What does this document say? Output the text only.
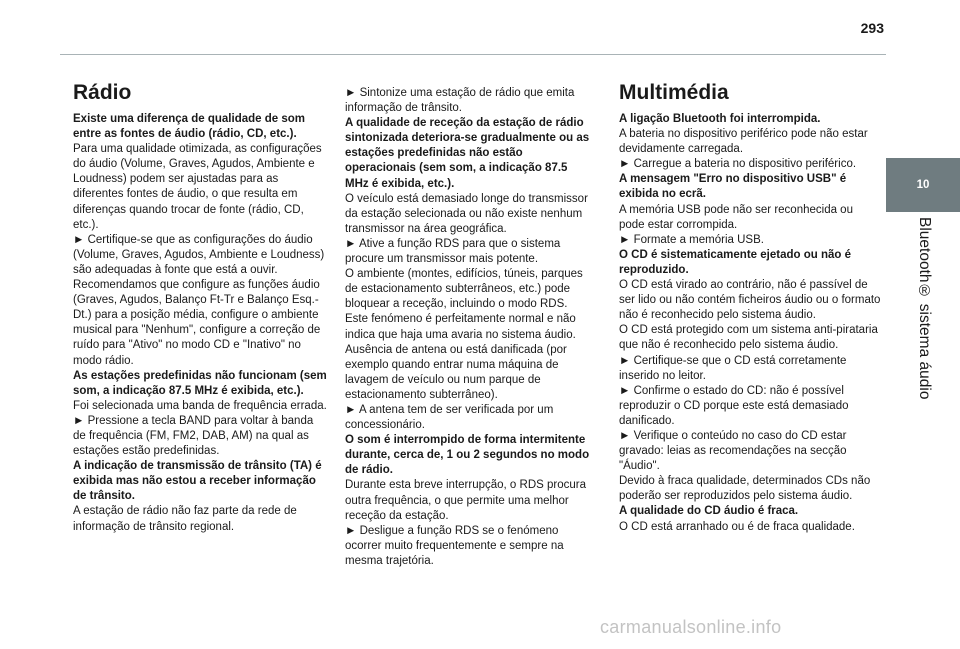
293
Rádio

Existe uma diferença de qualidade de som entre as fontes de áudio (rádio, CD, etc.).

Para uma qualidade otimizada, as configurações do áudio (Volume, Graves, Agudos, Ambiente e Loudness) podem ser ajustadas para as diferentes fontes de áudio, o que resulta em diferenças quando trocar de fonte (rádio, CD, etc.).

► Certifique-se que as configurações do áudio (Volume, Graves, Agudos, Ambiente e Loudness) são adequadas à fonte que está a ouvir. Recomendamos que configure as funções áudio (Graves, Agudos, Balanço Ft-Tr e Balanço Esq.-Dt.) para a posição média, configure o ambiente musical para "Nenhum", configure a correção de ruído para "Ativo" no modo CD e "Inativo" no modo rádio.

As estações predefinidas não funcionam (sem som, a indicação 87.5 MHz é exibida, etc.).

Foi selecionada uma banda de frequência errada.

► Pressione a tecla BAND para voltar à banda de frequência (FM, FM2, DAB, AM) na qual as estações estão predefinidas.

A indicação de transmissão de trânsito (TA) é exibida mas não estou a receber informação de trânsito.

A estação de rádio não faz parte da rede de informação de trânsito regional.

► Sintonize uma estação de rádio que emita informação de trânsito.

A qualidade de receção da estação de rádio sintonizada deteriora-se gradualmente ou as estações predefinidas não estão operacionais (sem som, a indicação 87.5 MHz é exibida, etc.).

O veículo está demasiado longe do transmissor da estação selecionada ou não existe nenhum transmissor na área geográfica.

► Ative a função RDS para que o sistema procure um transmissor mais potente.

O ambiente (montes, edifícios, túneis, parques de estacionamento subterrâneos, etc.) pode bloquear a receção, incluindo o modo RDS. Este fenómeno é perfeitamente normal e não indica que haja uma avaria no sistema áudio.

Ausência de antena ou está danificada (por exemplo quando entrar numa máquina de lavagem de veículo ou num parque de estacionamento subterrâneo).

► A antena tem de ser verificada por um concessionário.

O som é interrompido de forma intermitente durante, cerca de, 1 ou 2 segundos no modo de rádio.

Durante esta breve interrupção, o RDS procura outra frequência, o que permite uma melhor receção da estação.

► Desligue a função RDS se o fenómeno ocorrer muito frequentemente e sempre na mesma trajetória.

Multimédia

A ligação Bluetooth foi interrompida.

A bateria no dispositivo periférico pode não estar devidamente carregada.

► Carregue a bateria no dispositivo periférico.

A mensagem "Erro no dispositivo USB" é exibida no ecrã.

A memória USB pode não ser reconhecida ou pode estar corrompida.

► Formate a memória USB.

O CD é sistematicamente ejetado ou não é reproduzido.

O CD está virado ao contrário, não é passível de ser lido ou não contém ficheiros áudio ou o formato não é reconhecido pelo sistema áudio.

O CD está protegido com um sistema anti-pirataria que não é reconhecido pelo sistema áudio.

► Certifique-se que o CD está corretamente inserido no leitor.

► Confirme o estado do CD: não é possível reproduzir o CD porque este está demasiado danificado.

► Verifique o conteúdo no caso do CD estar gravado: leias as recomendações na secção "Áudio".

Devido à fraca qualidade, determinados CDs não poderão ser reproduzidos pelo sistema áudio.

A qualidade do CD áudio é fraca.

O CD está arranhado ou é de fraca qualidade.

10
Bluetooth® sistema áudio
carmanualsonline.info
